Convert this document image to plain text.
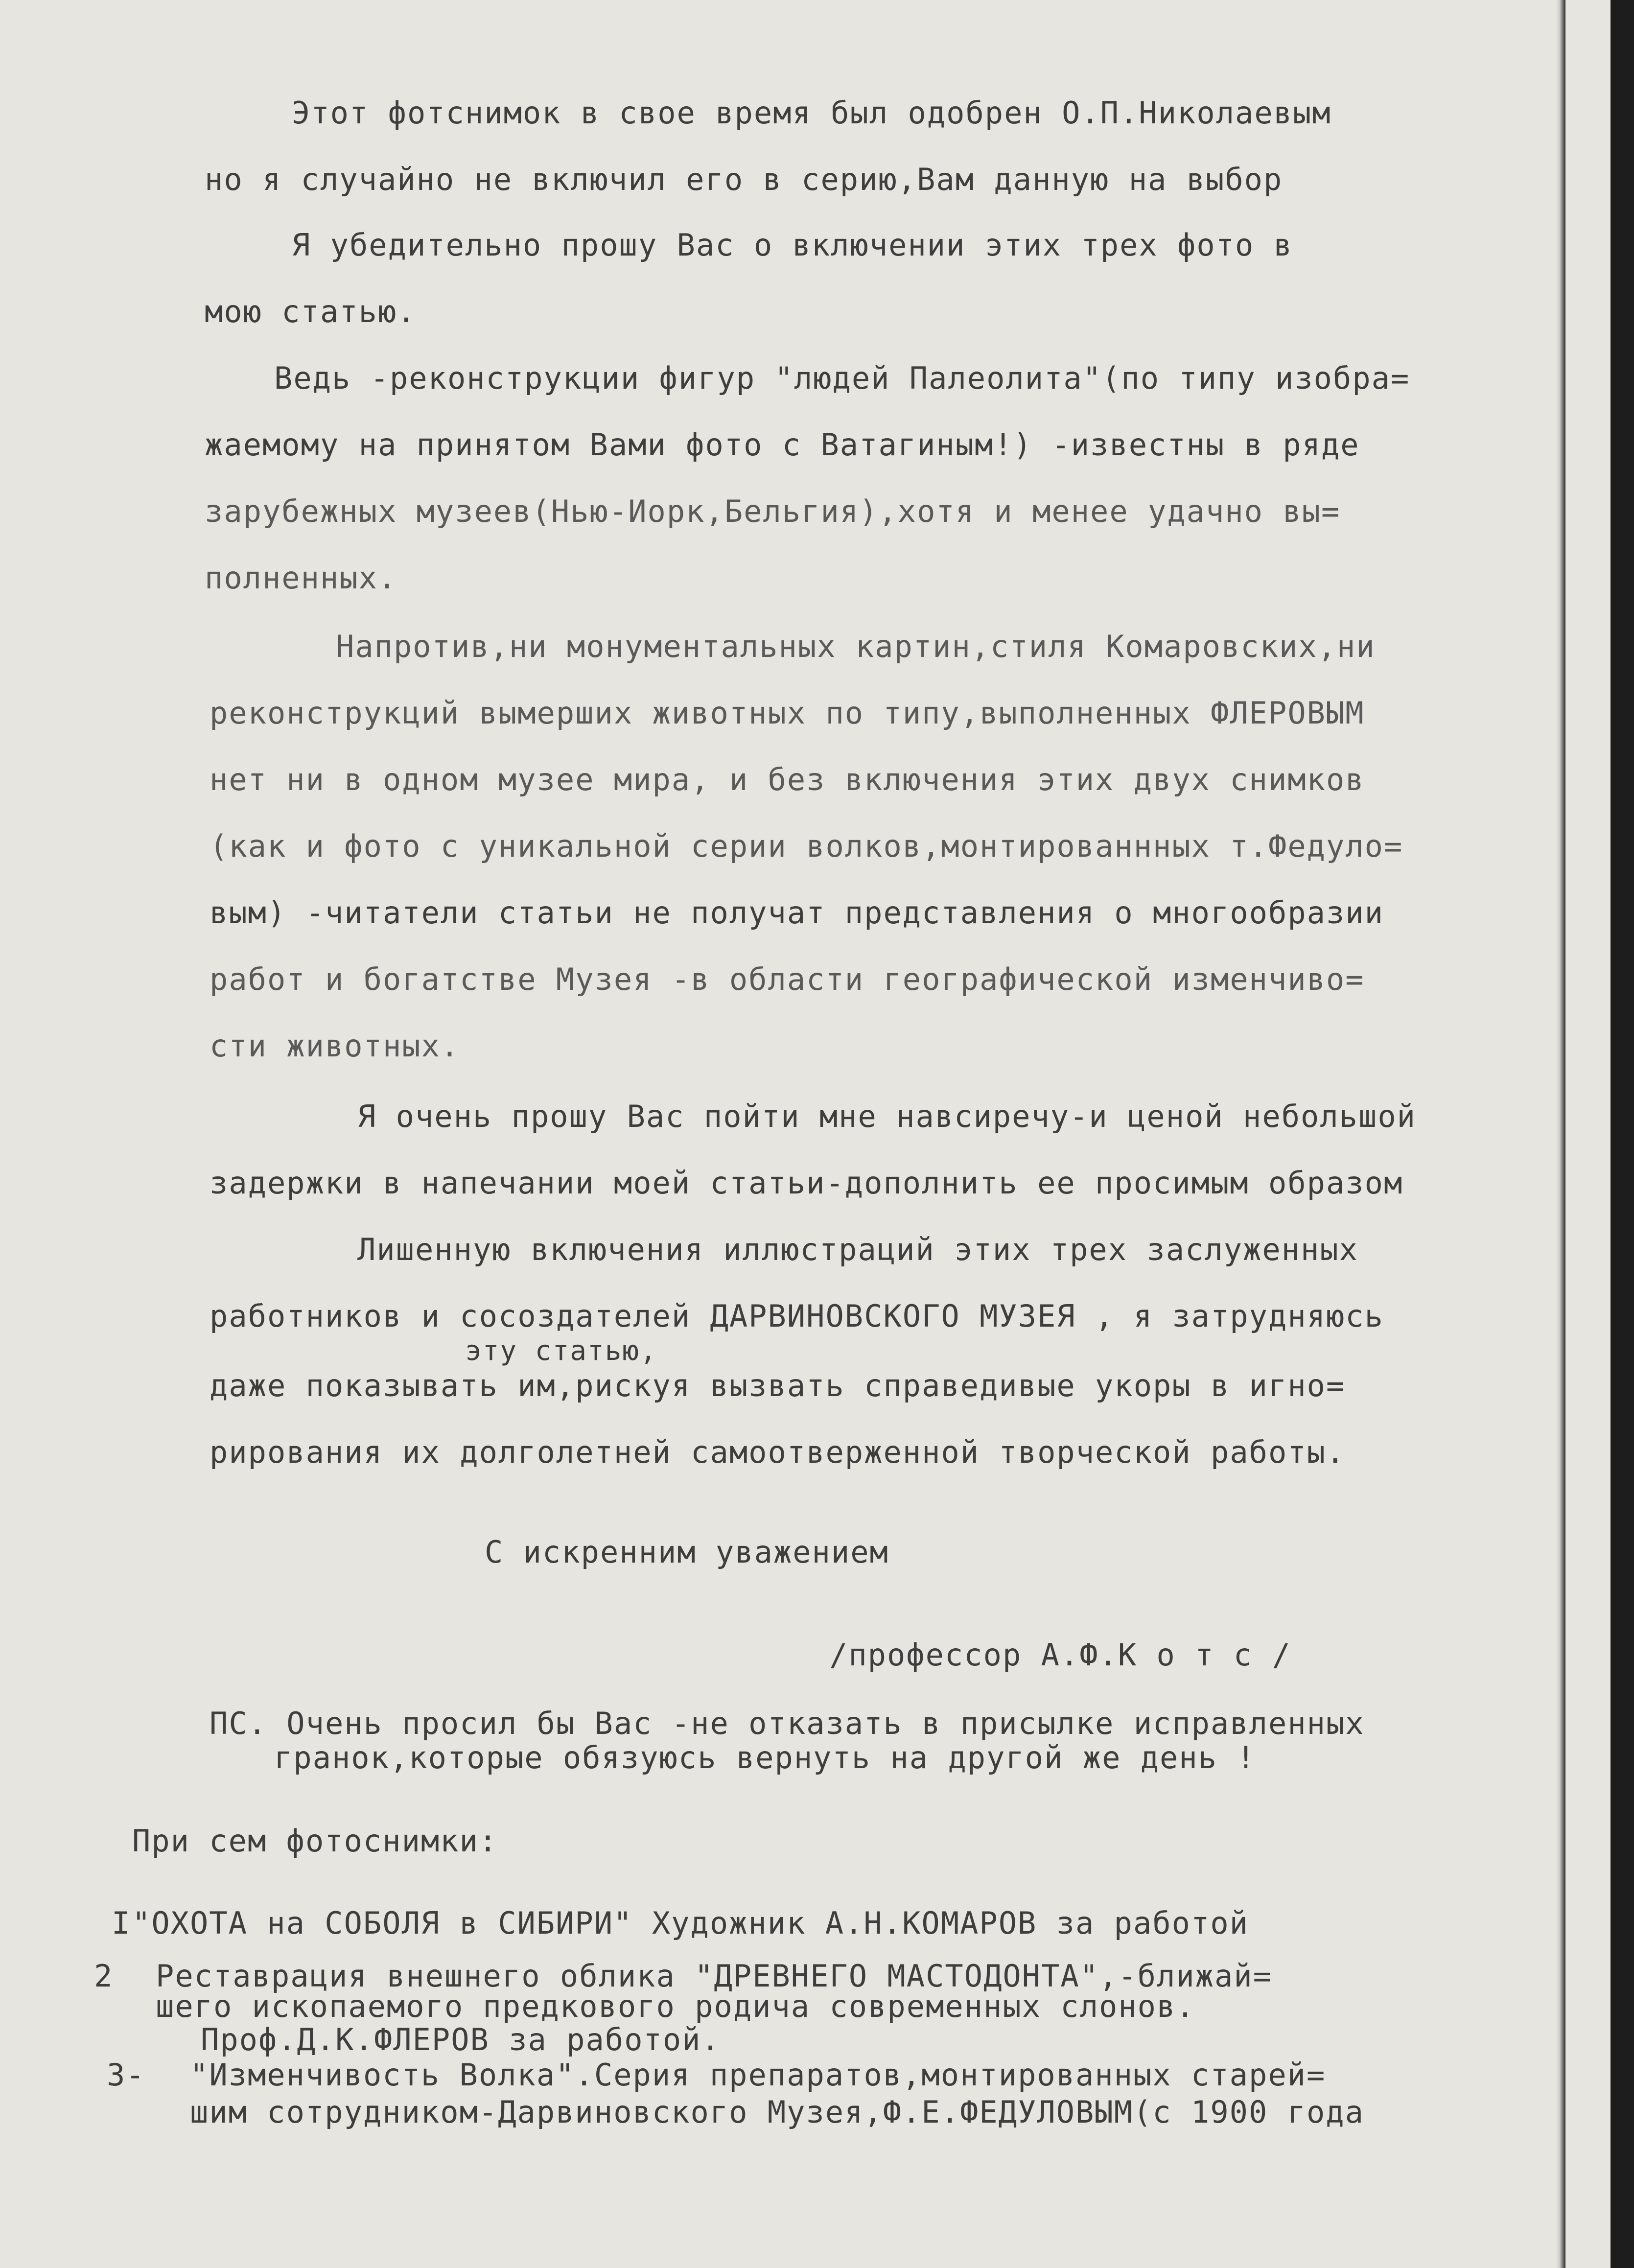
Этот фотснимок в свое время был одобрен О.П.Николаевым

но я случайно не включил его в серию,Вам данную на выбор

Я убедительно прошу Вас о включении этих трех фото в

мою статью.

Ведь -реконструкции фигур "людей Палеолита"(по типу изобра=

жаемому на принятом Вами фото с Ватагиным!) -известны в ряде

зарубежных музеев(Нью-Иорк,Бельгия),хотя и менее удачно вы=

полненных.

Напротив,ни монументальных картин,стиля Комаровских,ни

реконструкций вымерших животных по типу,выполненных ФЛЕРОВЫМ

нет ни в одном музее мира, и без включения этих двух снимков

(как и фото с уникальной серии волков,монтированнных т.Федуло=

вым) -читатели статьи не получат представления о многообразии

работ и богатстве Музея -в области географической изменчиво=

сти животных.

Я очень прошу Вас пойти мне навсиречу-и ценой небольшой

задержки в напечании моей статьи-дополнить ее просимым образом

Лишенную включения иллюстраций этих трех заслуженных

работников и сосоздателей ДАРВИНОВСКОГО МУЗЕЯ , я затрудняюсь

эту статью,

даже показывать им,рискуя вызвать справедивые укоры в игно=

рирования их долголетней самоотверженной творческой работы.

С искренним уважением

/профессор А.Ф.К о т с /

ПС. Очень просил бы Вас -не отказать в присылке исправленных

гранок,которые обязуюсь вернуть на другой же день !

При сем фотоснимки:

I "ОХОТА на СОБОЛЯ в СИБИРИ" Художник А.Н.КОМАРОВ за работой

2 Реставрация внешнего облика "ДРЕВНЕГО МАСТОДОНТА",-ближай=

шего ископаемого предкового родича современных слонов.

Проф.Д.К.ФЛЕРОВ за работой.

3- "Изменчивость Волка".Серия препаратов,монтированных старей=

шим сотрудником-Дарвиновского Музея,Ф.Е.ФЕДУЛОВЫМ(с 1900 года
